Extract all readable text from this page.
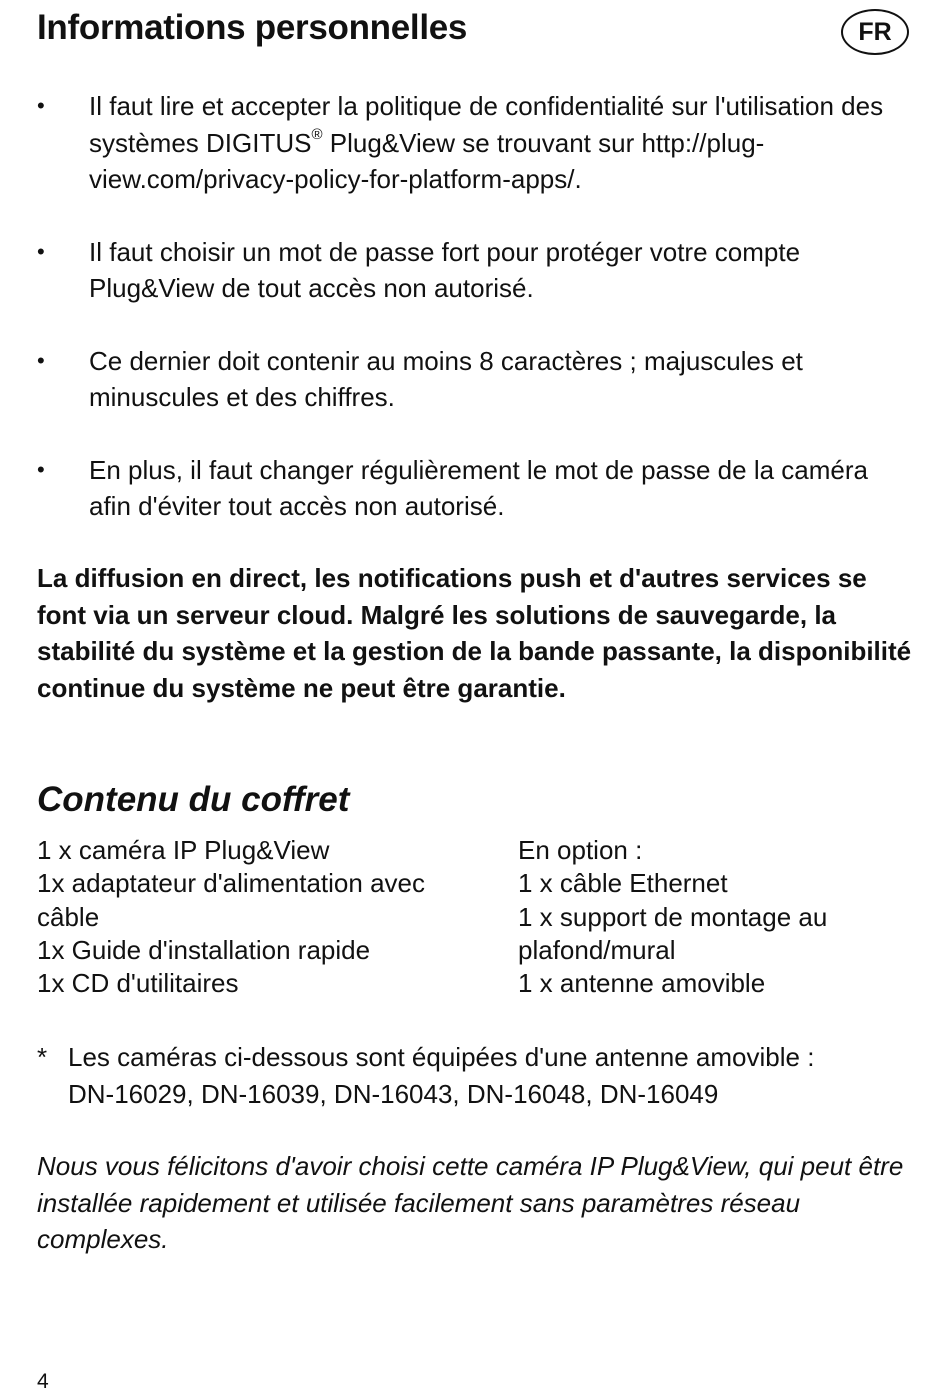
Informations personnelles	FR
• Il faut lire et accepter la politique de confidentialité sur l'utilisation des systèmes DIGITUS® Plug&View se trouvant sur http://plug-view.com/privacy-policy-for-platform-apps/.
• Il faut choisir un mot de passe fort pour protéger votre compte Plug&View de tout accès non autorisé.
• Ce dernier doit contenir au moins 8 caractères ; majuscules et minuscules et des chiffres.
• En plus, il faut changer régulièrement le mot de passe de la caméra afin d'éviter tout accès non autorisé.
La diffusion en direct, les notifications push et d'autres services se font via un serveur cloud. Malgré les solutions de sauvegarde, la stabilité du système et la gestion de la bande passante, la disponibilité continue du système ne peut être garantie.
Contenu du coffret
1 x caméra IP Plug&View
1x adaptateur d'alimentation avec
câble
1x Guide d'installation rapide
1x CD d'utilitaires
En option :
1 x câble Ethernet
1 x support de montage au
plafond/mural
1 x antenne amovible
* Les caméras ci-dessous sont équipées d'une antenne amovible :
DN-16029, DN-16039, DN-16043, DN-16048, DN-16049
Nous vous félicitons d'avoir choisi cette caméra IP Plug&View, qui peut être installée rapidement et utilisée facilement sans paramètres réseau complexes.
4
